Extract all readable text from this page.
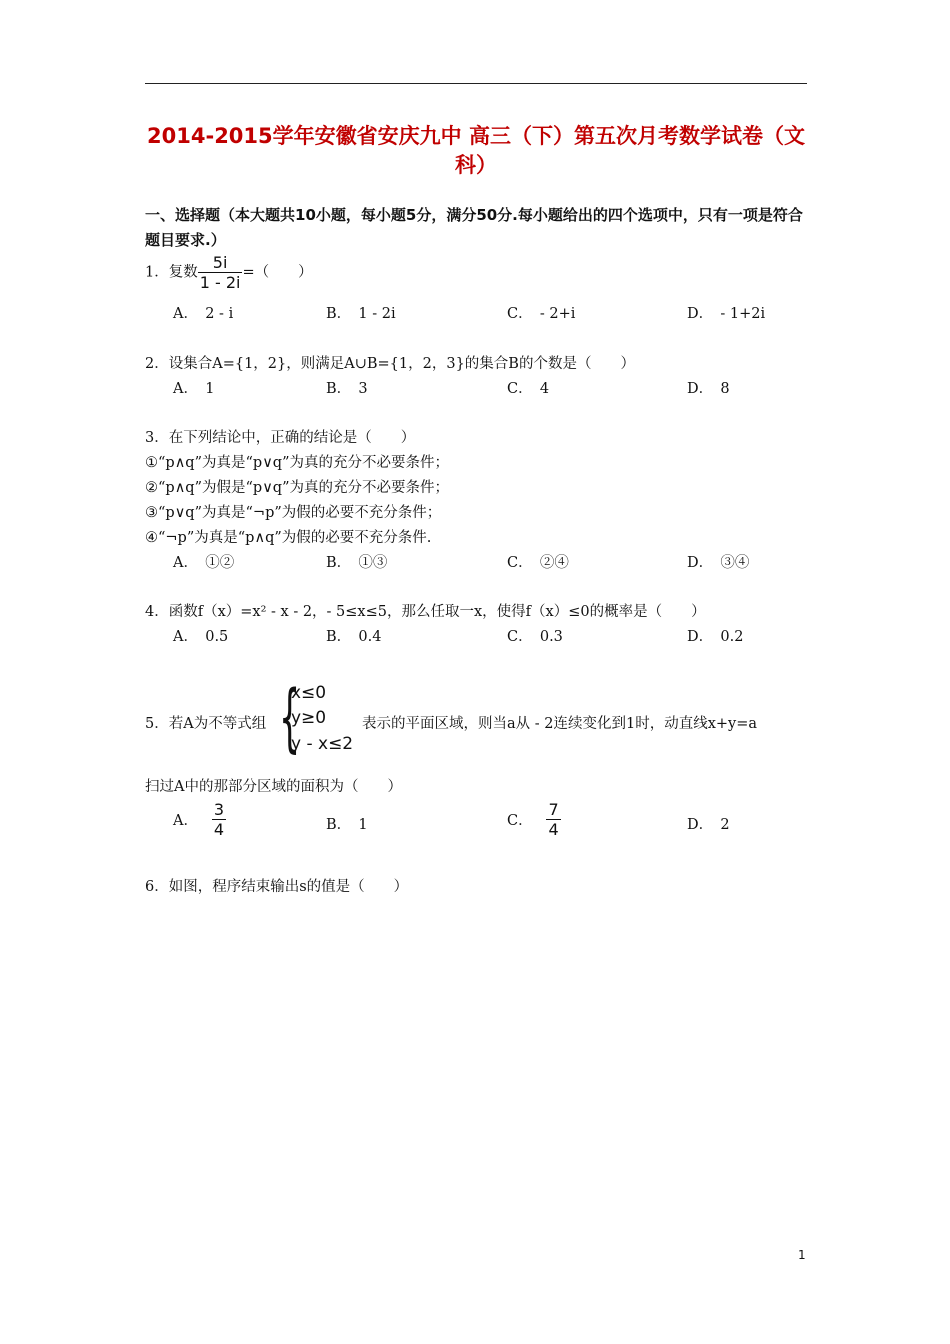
2014-2015学年安徽省安庆九中 高三（下）第五次月考数学试卷（文科）
一、选择题（本大题共10小题，每小题5分，满分50分.每小题给出的四个选项中，只有一项是符合题目要求.）
1．复数 $\frac{5i}{1 - 2i}$ =（　　）
A．　2 - i	B．　1 - 2i	C．　- 2+i	D．　- 1+2i
2．设集合A={1，2}，则满足A∪B={1，2，3}的集合B的个数是（　　）
A．　1	B．　3	C．　4	D．　8
3．在下列结论中，正确的结论是（　　）
①“p∧q”为真是“p∨q”为真的充分不必要条件；
②“p∧q”为假是“p∨q”为真的充分不必要条件；
③“p∨q”为真是“¬p”为假的必要不充分条件；
④“¬p”为真是“p∧q”为假的必要不充分条件.
A．　①②	B．　①③	C．　②④	D．　③④
4．函数f（x）=x² - x - 2，- 5≤x≤5，那么任取一x，使得f（x）≤0的概率是（　　）
A．　0.5	B．　0.4	C．　0.3	D．　0.2
5．若A为不等式组 {
x≤0
y≥0
y - x≤2
表示的平面区域，则当a从 - 2连续变化到1时，动直线x+y=a
扫过A中的那部分区域的面积为（　　）
A． $\frac{3}{4}$	B．　1	C． $\frac{7}{4}$	D．　2
6．如图，程序结束输出s的值是（　　）
1
